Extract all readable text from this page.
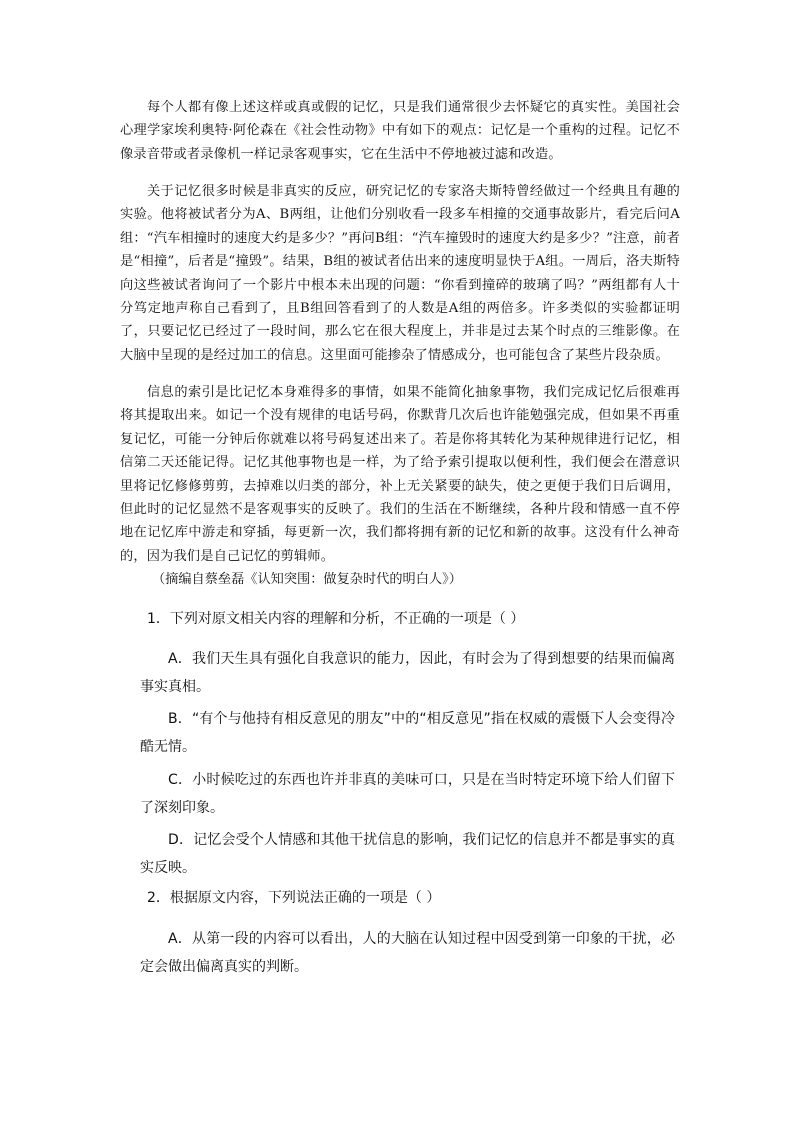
每个人都有像上述这样或真或假的记忆，只是我们通常很少去怀疑它的真实性。美国社会心理学家埃利奥特·阿伦森在《社会性动物》中有如下的观点：记忆是一个重构的过程。记忆不像录音带或者录像机一样记录客观事实，它在生活中不停地被过滤和改造。

关于记忆很多时候是非真实的反应，研究记忆的专家洛夫斯特曾经做过一个经典且有趣的实验。他将被试者分为A、B两组，让他们分别收看一段多车相撞的交通事故影片，看完后问A组：“汽车相撞时的速度大约是多少？”再问B组：“汽车撞毁时的速度大约是多少？”注意，前者是“相撞”，后者是“撞毁”。结果，B组的被试者估出来的速度明显快于A组。一周后，洛夫斯特向这些被试者询问了一个影片中根本未出现的问题：“你看到撞碎的玻璃了吗？”两组都有人十分笃定地声称自己看到了，且B组回答看到了的人数是A组的两倍多。许多类似的实验都证明了，只要记忆已经过了一段时间，那么它在很大程度上，并非是过去某个时点的三维影像。在大脑中呈现的是经过加工的信息。这里面可能掺杂了情感成分，也可能包含了某些片段杂质。

信息的索引是比记忆本身难得多的事情，如果不能简化抽象事物，我们完成记忆后很难再将其提取出来。如记一个没有规律的电话号码，你默背几次后也许能勉强完成，但如果不再重复记忆，可能一分钟后你就难以将号码复述出来了。若是你将其转化为某种规律进行记忆，相信第二天还能记得。记忆其他事物也是一样，为了给予索引提取以便利性，我们便会在潜意识里将记忆修修剪剪，去掉难以归类的部分，补上无关紧要的缺失，使之更便于我们日后调用，但此时的记忆显然不是客观事实的反映了。我们的生活在不断继续，各种片段和情感一直不停地在记忆库中游走和穿插，每更新一次，我们都将拥有新的记忆和新的故事。这没有什么神奇的，因为我们是自己记忆的剪辑师。

（摘编自蔡垒磊《认知突围：做复杂时代的明白人》）

1．下列对原文相关内容的理解和分析，不正确的一项是（ ）

A．我们天生具有强化自我意识的能力，因此，有时会为了得到想要的结果而偏离事实真相。

B．“有个与他持有相反意见的朋友”中的“相反意见”指在权威的震慑下人会变得冷酷无情。

C．小时候吃过的东西也许并非真的美味可口，只是在当时特定环境下给人们留下了深刻印象。

D．记忆会受个人情感和其他干扰信息的影响，我们记忆的信息并不都是事实的真实反映。

2．根据原文内容，下列说法正确的一项是（ ）

A．从第一段的内容可以看出，人的大脑在认知过程中因受到第一印象的干扰，必定会做出偏离真实的判断。
